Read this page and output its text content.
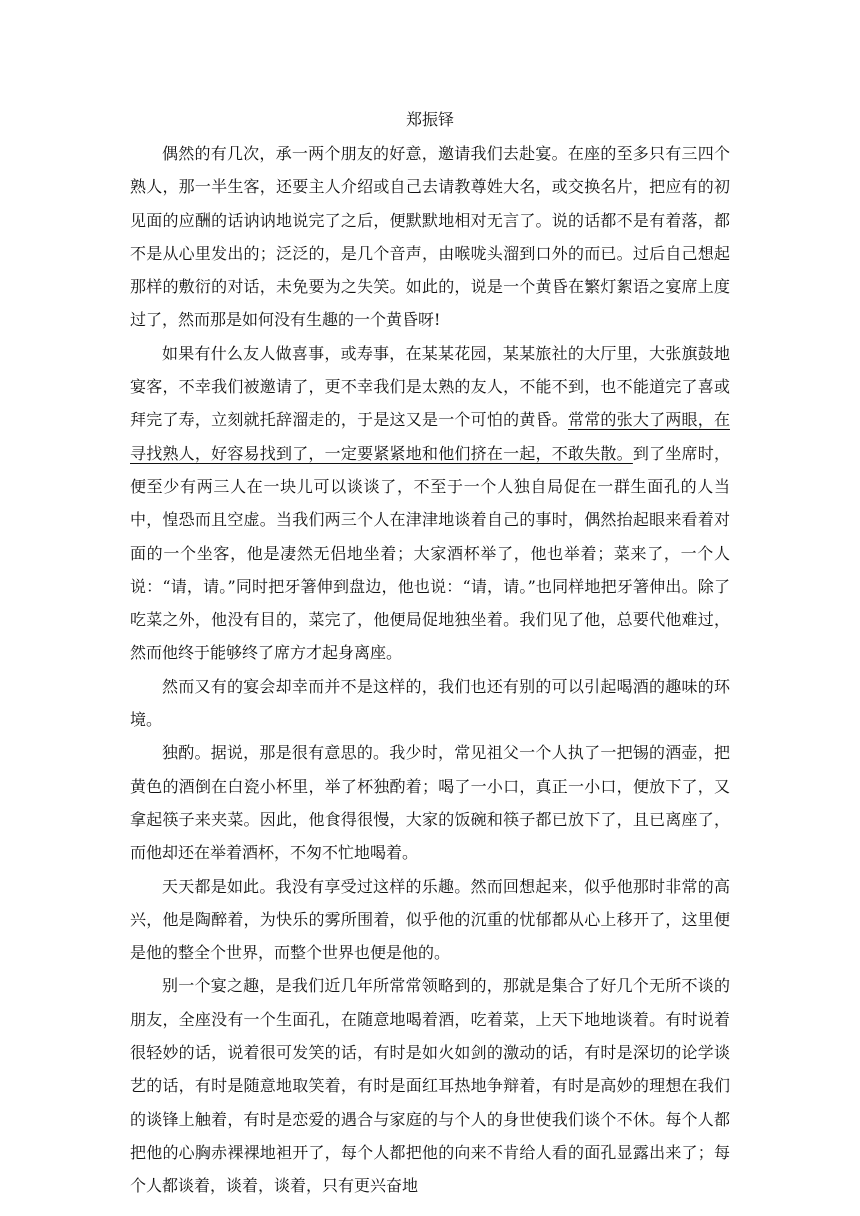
郑振铎

偶然的有几次，承一两个朋友的好意，邀请我们去赴宴。在座的至多只有三四个熟人，那一半生客，还要主人介绍或自己去请教尊姓大名，或交换名片，把应有的初见面的应酬的话讷讷地说完了之后，便默默地相对无言了。说的话都不是有着落，都不是从心里发出的；泛泛的，是几个音声，由喉咙头溜到口外的而已。过后自己想起那样的敷衍的对话，未免要为之失笑。如此的，说是一个黄昏在繁灯絮语之宴席上度过了，然而那是如何没有生趣的一个黄昏呀!

如果有什么友人做喜事，或寿事，在某某花园，某某旅社的大厅里，大张旗鼓地宴客，不幸我们被邀请了，更不幸我们是太熟的友人，不能不到，也不能道完了喜或拜完了寿，立刻就托辞溜走的，于是这又是一个可怕的黄昏。常常的张大了两眼，在寻找熟人，好容易找到了，一定要紧紧地和他们挤在一起，不敢失散。到了坐席时，便至少有两三人在一块儿可以谈谈了，不至于一个人独自局促在一群生面孔的人当中，惶恐而且空虚。当我们两三个人在津津地谈着自己的事时，偶然抬起眼来看着对面的一个坐客，他是凄然无侣地坐着；大家酒杯举了，他也举着；菜来了，一个人说：“请，请。”同时把牙箸伸到盘边，他也说：“请，请。”也同样地把牙箸伸出。除了吃菜之外，他没有目的，菜完了，他便局促地独坐着。我们见了他，总要代他难过，然而他终于能够终了席方才起身离座。

然而又有的宴会却幸而并不是这样的，我们也还有别的可以引起喝酒的趣味的环境。

独酌。据说，那是很有意思的。我少时，常见祖父一个人执了一把锡的酒壶，把黄色的酒倒在白瓷小杯里，举了杯独酌着；喝了一小口，真正一小口，便放下了，又拿起筷子来夹菜。因此，他食得很慢，大家的饭碗和筷子都已放下了，且已离座了，而他却还在举着酒杯，不匆不忙地喝着。

天天都是如此。我没有享受过这样的乐趣。然而回想起来，似乎他那时非常的高兴，他是陶醉着，为快乐的雾所围着，似乎他的沉重的忧郁都从心上移开了，这里便是他的整全个世界，而整个世界也便是他的。

别一个宴之趣，是我们近几年所常常领略到的，那就是集合了好几个无所不谈的朋友，全座没有一个生面孔，在随意地喝着酒，吃着菜，上天下地地谈着。有时说着很轻妙的话，说着很可发笑的话，有时是如火如剑的激动的话，有时是深切的论学谈艺的话，有时是随意地取笑着，有时是面红耳热地争辩着，有时是高妙的理想在我们的谈锋上触着，有时是恋爱的遇合与家庭的与个人的身世使我们谈个不休。每个人都把他的心胸赤裸裸地袒开了，每个人都把他的向来不肯给人看的面孔显露出来了；每个人都谈着，谈着，谈着，只有更兴奋地
